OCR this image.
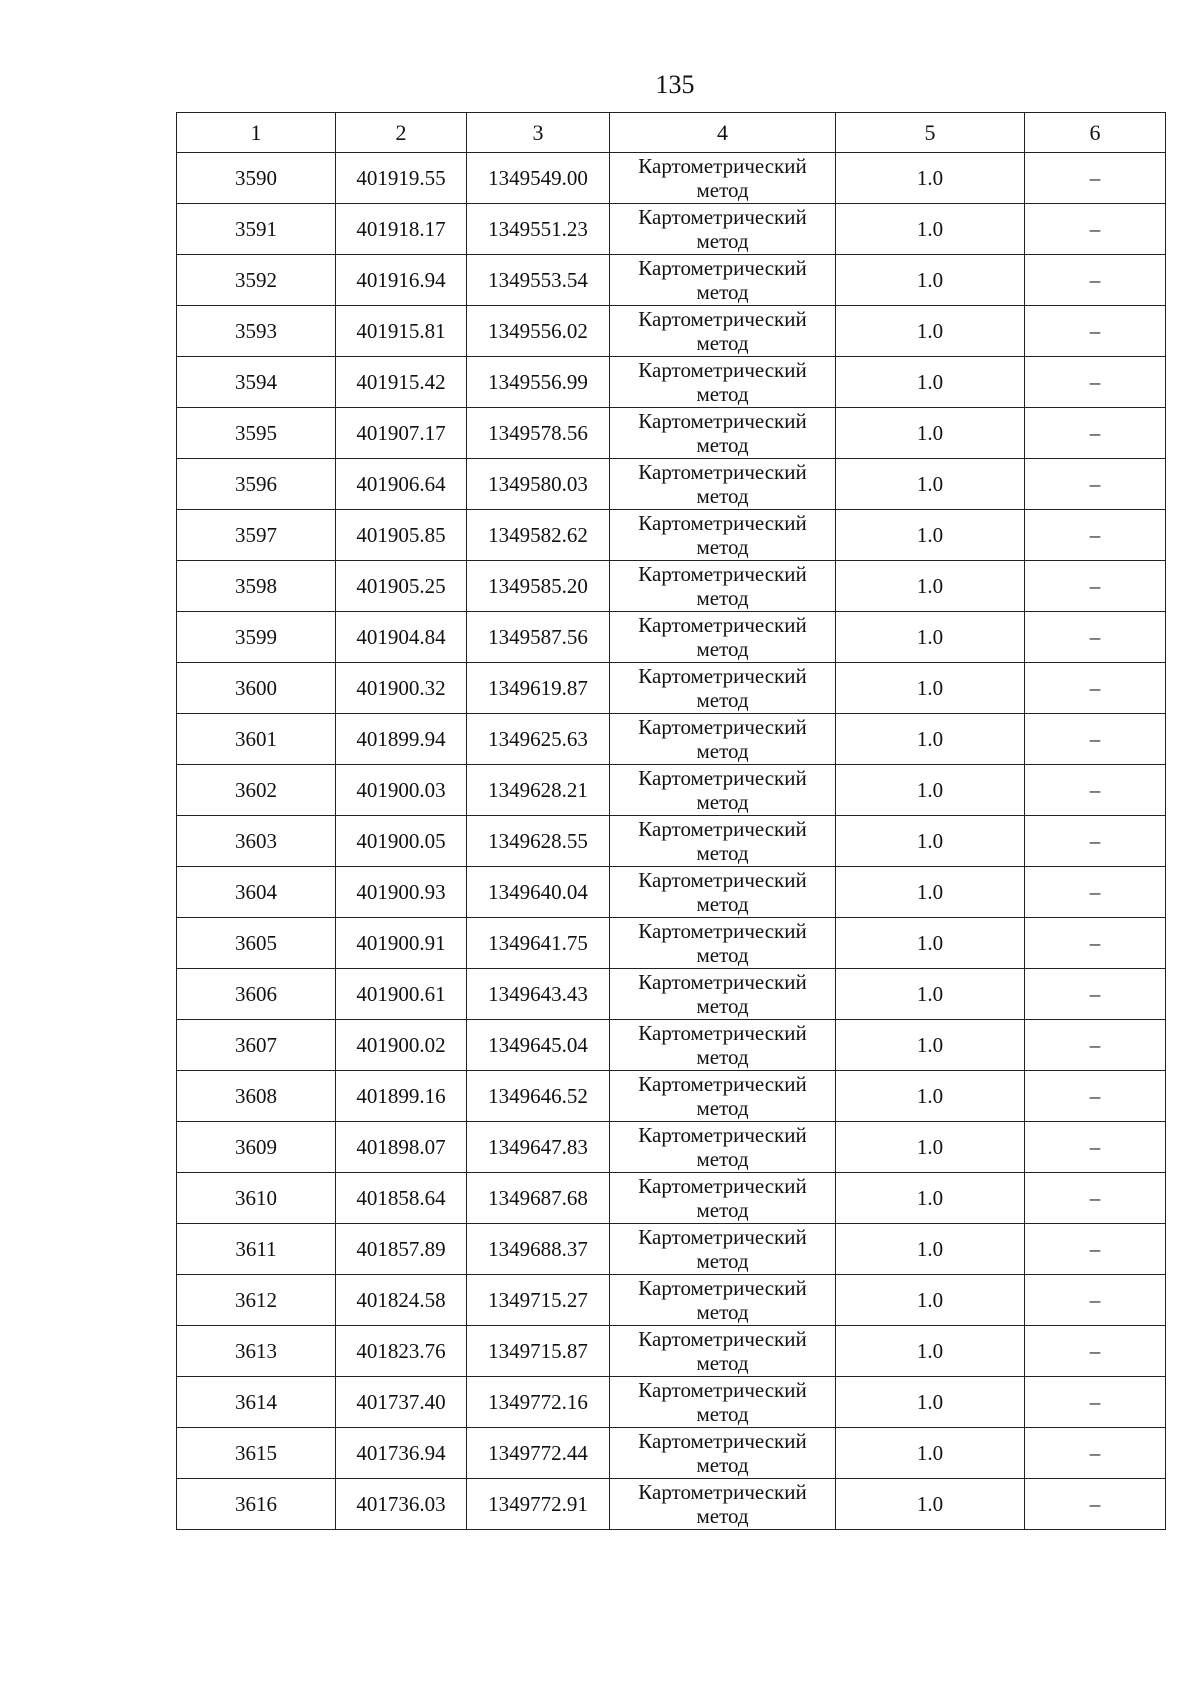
135
1	2	3	4	5	6
3590	401919.55	1349549.00	Картометрический метод	1.0	–
3591	401918.17	1349551.23	Картометрический метод	1.0	–
3592	401916.94	1349553.54	Картометрический метод	1.0	–
3593	401915.81	1349556.02	Картометрический метод	1.0	–
3594	401915.42	1349556.99	Картометрический метод	1.0	–
3595	401907.17	1349578.56	Картометрический метод	1.0	–
3596	401906.64	1349580.03	Картометрический метод	1.0	–
3597	401905.85	1349582.62	Картометрический метод	1.0	–
3598	401905.25	1349585.20	Картометрический метод	1.0	–
3599	401904.84	1349587.56	Картометрический метод	1.0	–
3600	401900.32	1349619.87	Картометрический метод	1.0	–
3601	401899.94	1349625.63	Картометрический метод	1.0	–
3602	401900.03	1349628.21	Картометрический метод	1.0	–
3603	401900.05	1349628.55	Картометрический метод	1.0	–
3604	401900.93	1349640.04	Картометрический метод	1.0	–
3605	401900.91	1349641.75	Картометрический метод	1.0	–
3606	401900.61	1349643.43	Картометрический метод	1.0	–
3607	401900.02	1349645.04	Картометрический метод	1.0	–
3608	401899.16	1349646.52	Картометрический метод	1.0	–
3609	401898.07	1349647.83	Картометрический метод	1.0	–
3610	401858.64	1349687.68	Картометрический метод	1.0	–
3611	401857.89	1349688.37	Картометрический метод	1.0	–
3612	401824.58	1349715.27	Картометрический метод	1.0	–
3613	401823.76	1349715.87	Картометрический метод	1.0	–
3614	401737.40	1349772.16	Картометрический метод	1.0	–
3615	401736.94	1349772.44	Картометрический метод	1.0	–
3616	401736.03	1349772.91	Картометрический метод	1.0	–
